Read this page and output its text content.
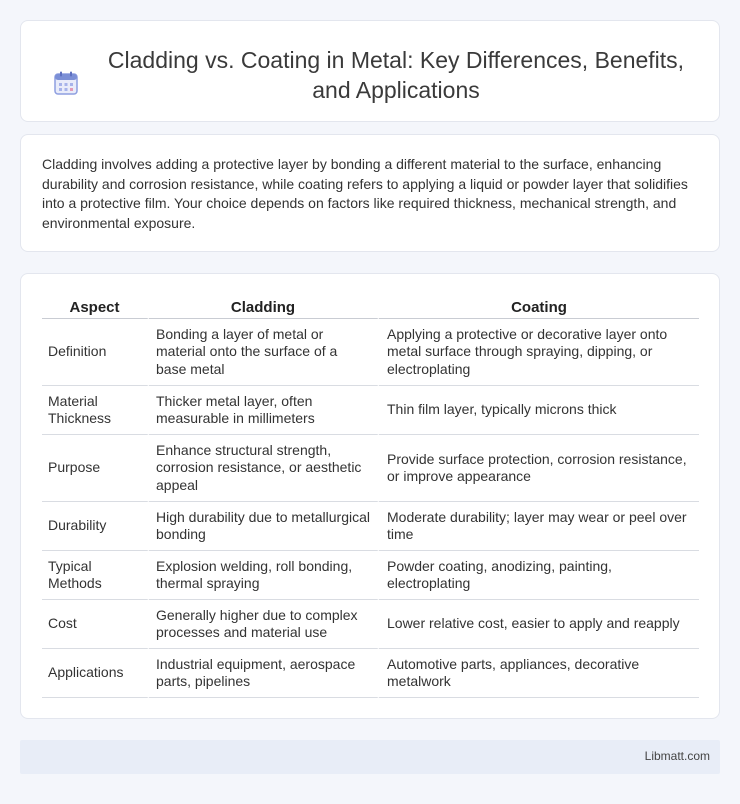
Cladding vs. Coating in Metal: Key Differences, Benefits, and Applications

Cladding involves adding a protective layer by bonding a different material to the surface, enhancing durability and corrosion resistance, while coating refers to applying a liquid or powder layer that solidifies into a protective film. Your choice depends on factors like required thickness, mechanical strength, and environmental exposure.

Aspect	Cladding	Coating
Definition	Bonding a layer of metal or material onto the surface of a base metal	Applying a protective or decorative layer onto metal surface through spraying, dipping, or electroplating
Material Thickness	Thicker metal layer, often measurable in millimeters	Thin film layer, typically microns thick
Purpose	Enhance structural strength, corrosion resistance, or aesthetic appeal	Provide surface protection, corrosion resistance, or improve appearance
Durability	High durability due to metallurgical bonding	Moderate durability; layer may wear or peel over time
Typical Methods	Explosion welding, roll bonding, thermal spraying	Powder coating, anodizing, painting, electroplating
Cost	Generally higher due to complex processes and material use	Lower relative cost, easier to apply and reapply
Applications	Industrial equipment, aerospace parts, pipelines	Automotive parts, appliances, decorative metalwork
Libmatt.com
